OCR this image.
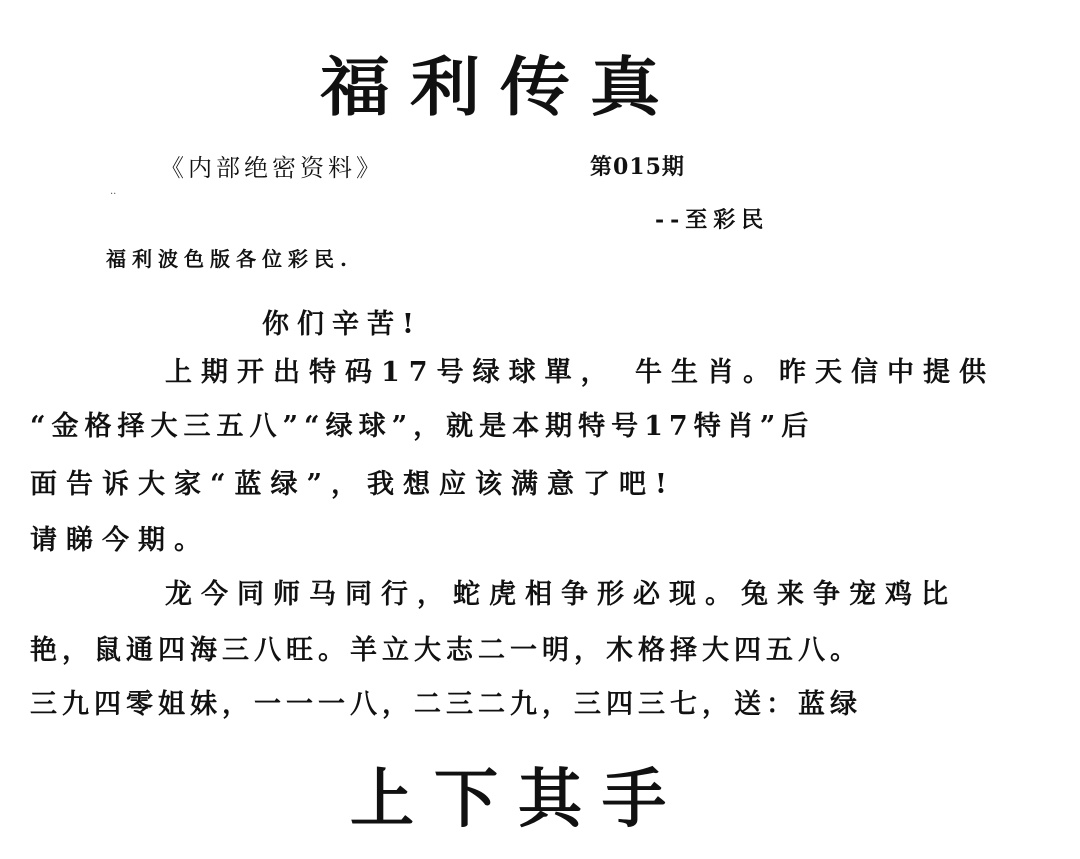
福利传真
《内部绝密资料》	第015期
..
--至彩民
福利波色版各位彩民.
你们辛苦!
上期开出特码17号绿球單， 牛生肖。昨天信中提供
“金格择大三五八”“绿球”，就是本期特号17特肖”后
面告诉大家“蓝绿”，我想应该满意了吧!
请睇今期。
龙今同师马同行，蛇虎相争形必现。兔来争宠鸡比
艳，鼠通四海三八旺。羊立大志二一明，木格择大四五八。
三九四零姐妹，一一一八，二三二九，三四三七，送：蓝绿
上下其手
